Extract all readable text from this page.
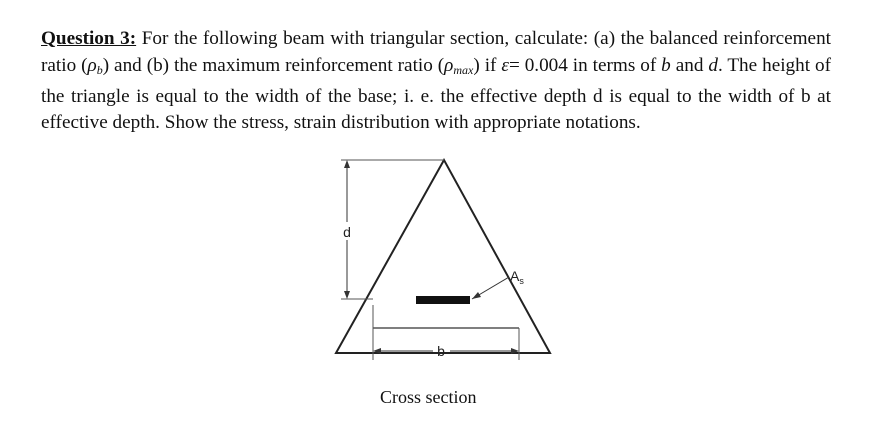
Question 3: For the following beam with triangular section, calculate: (a) the balanced reinforcement ratio $(\rho_b)$ and (b) the maximum reinforcement ratio $(\rho_{max})$ if ε= 0.004 in terms of b and d. The height of the triangle is equal to the width of the base; i. e. the effective depth d is equal to the width of b at effective depth. Show the stress, strain distribution with appropriate notations.
d
b
$A_s$
Cross section
